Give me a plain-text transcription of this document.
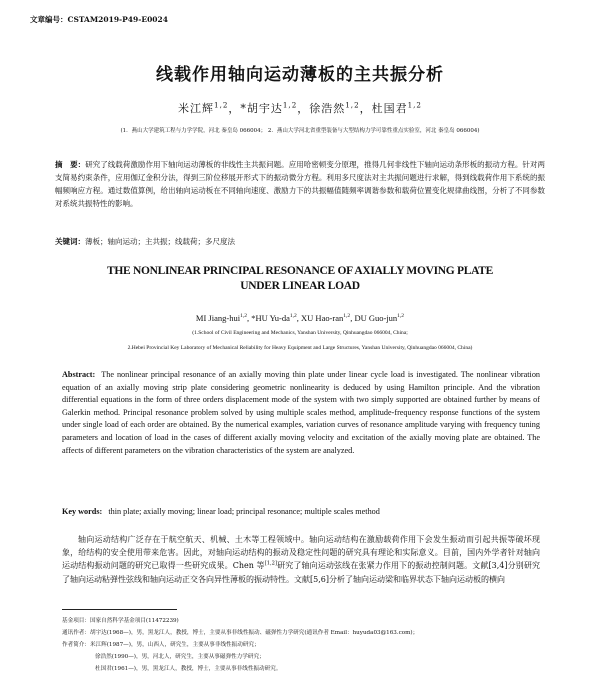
文章编号：CSTAM2019-P49-E0024
线载作用轴向运动薄板的主共振分析
米江辉$^{1,2}$，*胡宇达$^{1,2}$，徐浩然$^{1,2}$，杜国君$^{1,2}$
(1．燕山大学建筑工程与力学学院，河北 秦皇岛 066004； 2．燕山大学河北省重型装备与大型结构力学可靠性重点实验室，河北 秦皇岛 066004)
摘　要：研究了线载荷激励作用下轴向运动薄板的非线性主共振问题。应用哈密顿变分原理，推得几何非线性下轴向运动条形板的振动方程。针对两支简易约束条件，应用伽辽金积分法，得到三阶位移展开形式下的振动微分方程。利用多尺度法对主共振问题进行求解，得到线载荷作用下系统的振幅频响应方程。通过数值算例，给出轴向运动板在不同轴向速度、激励力下的共振幅值随频率调谐参数和载荷位置变化规律曲线图，分析了不同参数对系统共振特性的影响。
关键词：薄板；轴向运动；主共振；线载荷；多尺度法
THE NONLINEAR PRINCIPAL RESONANCE OF AXIALLY MOVING PLATE
UNDER LINEAR LOAD
MI Jiang-hui$^{1,2}$, *HU Yu-da$^{1,2}$, XU Hao-ran$^{1,2}$, DU Guo-jun$^{1,2}$
(1.School of Civil Engineering and Mechanics, Yanshan University, Qinhuangdao 066004, China;
2.Hebei Provincial Key Laboratory of Mechanical Reliability for Heavy Equipment and Large Structures, Yanshan University, Qinhuangdao 066004, China)
Abstract: The nonlinear principal resonance of an axially moving thin plate under linear cycle load is investigated. The nonlinear vibration equation of an axially moving strip plate considering geometric nonlinearity is deduced by using Hamilton principle. And the vibration differential equations in the form of three orders displacement mode of the system with two simply supported are obtained further by means of Galerkin method. Principal resonance problem solved by using multiple scales method, amplitude-frequency response functions of the system under single load of each order are obtained. By the numerical examples, variation curves of resonance amplitude varying with frequency tuning parameters and location of load in the cases of different axially moving velocity and excitation of the axially moving plate are obtained. The affects of different parameters on the vibration characteristics of the system are analyzed.
Key words: thin plate; axially moving; linear load; principal resonance; multiple scales method
轴向运动结构广泛存在于航空航天、机械、土木等工程领域中。轴向运动结构在激励载荷作用下会发生振动而引起共振等破坏现象，给结构的安全使用带来危害。因此，对轴向运动结构的振动及稳定性问题的研究具有理论和实际意义。目前，国内外学者针对轴向运动结构振动问题的研究已取得一些研究成果。Chen 等[1,2]研究了轴向运动弦线在张紧力作用下的振动控制问题。文献[3,4]分别研究了轴向运动粘弹性弦线和轴向运动正交各向异性薄板的振动特性。文献[5,6]分析了轴向运动梁和临界状态下轴向运动板的横向
基金项目：国家自然科学基金项目(11472239)
通讯作者：胡宇达(1968—)，男，黑龙江人，教授，博士，主要从事非线性振动、磁弹性力学研究(通讯作者 Email：huyuda03@163.com)；
作者简介：米江辉(1987—)，男，山西人，研究生，主要从事非线性振动研究；
徐浩然(1990—)，男，河北人，研究生，主要从事磁弹性力学研究；
杜国君(1961—)，男，黑龙江人，教授，博士，主要从事非线性振动研究。
